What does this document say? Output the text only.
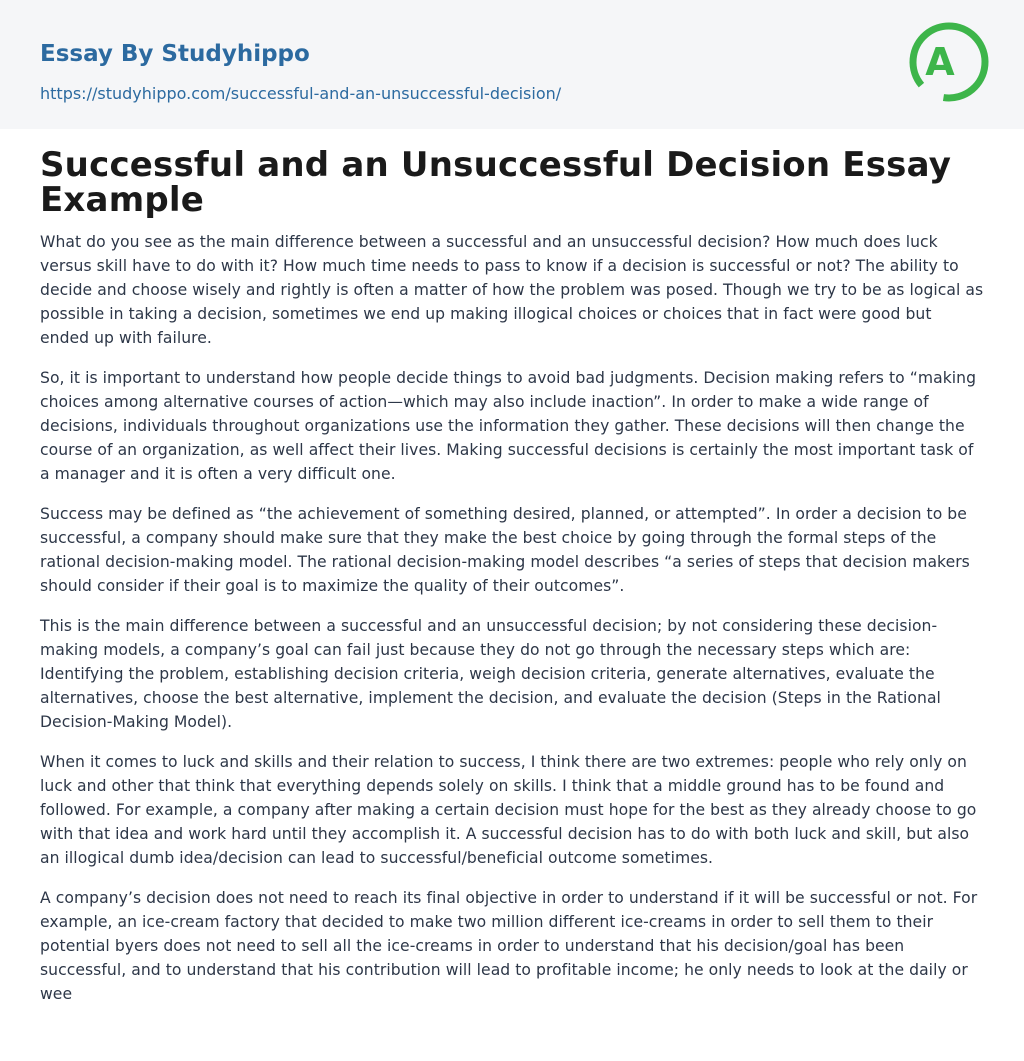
Essay By Studyhippo
https://studyhippo.com/successful-and-an-unsuccessful-decision/
A
Successful and an Unsuccessful Decision Essay Example

What do you see as the main difference between a successful and an unsuccessful decision? How much does luck versus skill have to do with it? How much time needs to pass to know if a decision is successful or not? The ability to decide and choose wisely and rightly is often a matter of how the problem was posed. Though we try to be as logical as possible in taking a decision, sometimes we end up making illogical choices or choices that in fact were good but ended up with failure.

So, it is important to understand how people decide things to avoid bad judgments. Decision making refers to “making choices among alternative courses of action—which may also include inaction”. In order to make a wide range of decisions, individuals throughout organizations use the information they gather. These decisions will then change the course of an organization, as well affect their lives. Making successful decisions is certainly the most important task of a manager and it is often a very difficult one.

Success may be defined as “the achievement of something desired, planned, or attempted”. In order a decision to be successful, a company should make sure that they make the best choice by going through the formal steps of the rational decision-making model. The rational decision-making model describes “a series of steps that decision makers should consider if their goal is to maximize the quality of their outcomes”.

This is the main difference between a successful and an unsuccessful decision; by not considering these decision-making models, a company’s goal can fail just because they do not go through the necessary steps which are: Identifying the problem, establishing decision criteria, weigh decision criteria, generate alternatives, evaluate the alternatives, choose the best alternative, implement the decision, and evaluate the decision (Steps in the Rational Decision-Making Model).

When it comes to luck and skills and their relation to success, I think there are two extremes: people who rely only on luck and other that think that everything depends solely on skills. I think that a middle ground has to be found and followed. For example, a company after making a certain decision must hope for the best as they already choose to go with that idea and work hard until they accomplish it. A successful decision has to do with both luck and skill, but also an illogical dumb idea/decision can lead to successful/beneficial outcome sometimes.

A company’s decision does not need to reach its final objective in order to understand if it will be successful or not. For example, an ice-cream factory that decided to make two million different ice-creams in order to sell them to their potential byers does not need to sell all the ice-creams in order to understand that his decision/goal has been successful, and to understand that his contribution will lead to profitable income; he only needs to look at the daily or wee
